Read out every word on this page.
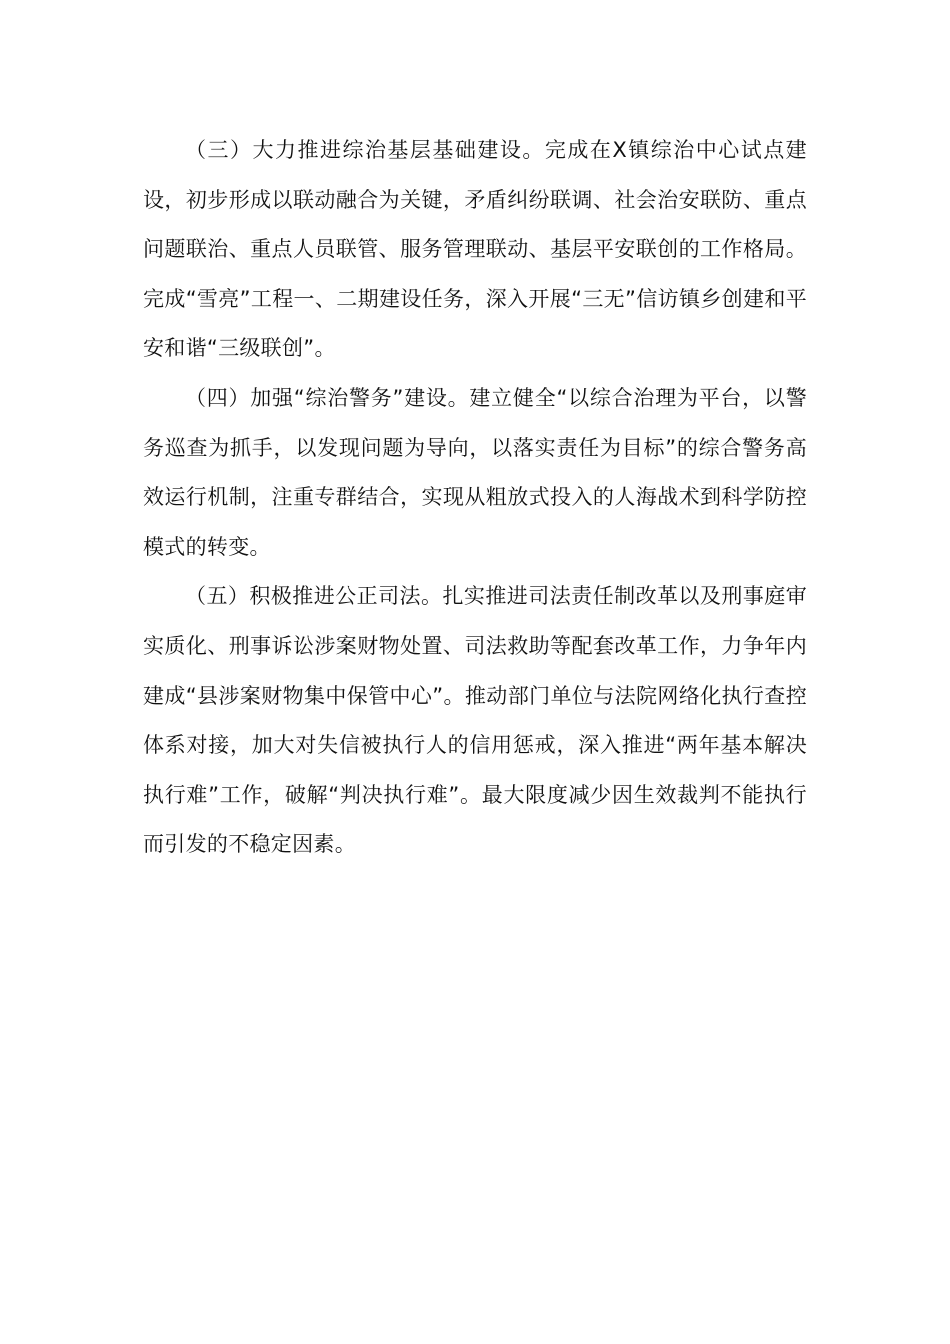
（三）大力推进综治基层基础建设。完成在X镇综治中心试点建设，初步形成以联动融合为关键，矛盾纠纷联调、社会治安联防、重点问题联治、重点人员联管、服务管理联动、基层平安联创的工作格局。完成“雪亮”工程一、二期建设任务，深入开展“三无”信访镇乡创建和平安和谐“三级联创”。

（四）加强“综治警务”建设。建立健全“以综合治理为平台，以警务巡查为抓手，以发现问题为导向，以落实责任为目标”的综合警务高效运行机制，注重专群结合，实现从粗放式投入的人海战术到科学防控模式的转变。

（五）积极推进公正司法。扎实推进司法责任制改革以及刑事庭审实质化、刑事诉讼涉案财物处置、司法救助等配套改革工作，力争年内建成“县涉案财物集中保管中心”。推动部门单位与法院网络化执行查控体系对接，加大对失信被执行人的信用惩戒，深入推进“两年基本解决执行难”工作，破解“判决执行难”。最大限度减少因生效裁判不能执行而引发的不稳定因素。
